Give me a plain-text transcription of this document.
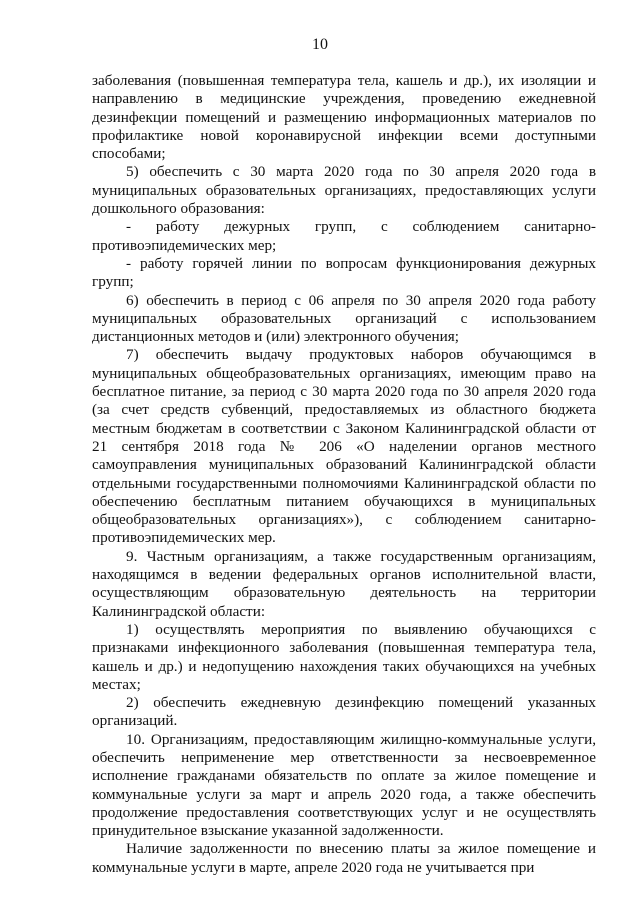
10

заболевания (повышенная температура тела, кашель и др.), их изоляции и направлению в медицинские учреждения, проведению ежедневной дезинфекции помещений и размещению информационных материалов по профилактике новой коронавирусной инфекции всеми доступными способами;

5) обеспечить с 30 марта 2020 года по 30 апреля 2020 года в муниципальных образовательных организациях, предоставляющих услуги дошкольного образования:

- работу дежурных групп, с соблюдением санитарно-противоэпидемических мер;

- работу горячей линии по вопросам функционирования дежурных групп;

6) обеспечить в период с 06 апреля по 30 апреля 2020 года работу муниципальных образовательных организаций с использованием дистанционных методов и (или) электронного обучения;

7) обеспечить выдачу продуктовых наборов обучающимся в муниципальных общеобразовательных организациях, имеющим право на бесплатное питание, за период с 30 марта 2020 года по 30 апреля 2020 года (за счет средств субвенций, предоставляемых из областного бюджета местным бюджетам в соответствии с Законом Калининградской области от 21 сентября 2018 года № 206 «О наделении органов местного самоуправления муниципальных образований Калининградской области отдельными государственными полномочиями Калининградской области по обеспечению бесплатным питанием обучающихся в муниципальных общеобразовательных организациях»), с соблюдением санитарно-противоэпидемических мер.

9. Частным организациям, а также государственным организациям, находящимся в ведении федеральных органов исполнительной власти, осуществляющим образовательную деятельность на территории Калининградской области:

1) осуществлять мероприятия по выявлению обучающихся с признаками инфекционного заболевания (повышенная температура тела, кашель и др.) и недопущению нахождения таких обучающихся на учебных местах;

2) обеспечить ежедневную дезинфекцию помещений указанных организаций.

10. Организациям, предоставляющим жилищно-коммунальные услуги, обеспечить неприменение мер ответственности за несвоевременное исполнение гражданами обязательств по оплате за жилое помещение и коммунальные услуги за март и апрель 2020 года, а также обеспечить продолжение предоставления соответствующих услуг и не осуществлять принудительное взыскание указанной задолженности.

Наличие задолженности по внесению платы за жилое помещение и коммунальные услуги в марте, апреле 2020 года не учитывается при
